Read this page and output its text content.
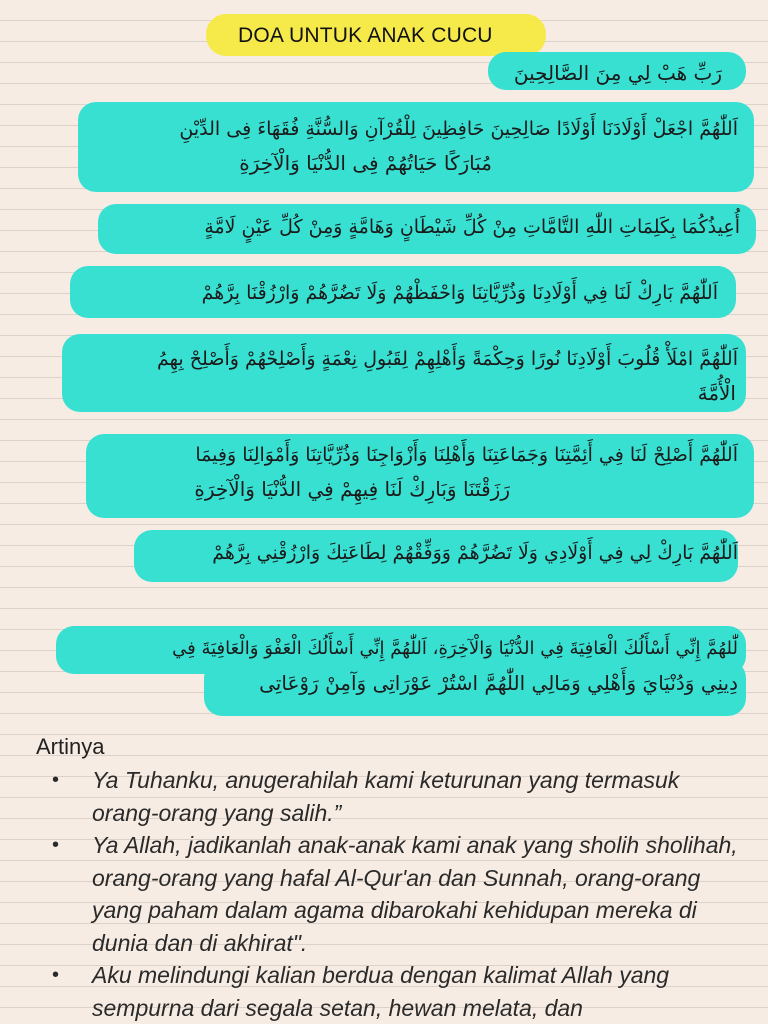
DOA UNTUK ANAK CUCU
رَبِّ هَبْ لِي مِنَ الصَّالِحِينَ
اَللّٰهُمَّ اجْعَلْ أَوْلَادَنَا أَوْلَادًا صَالِحِينَ حَافِظِينَ لِلْقُرْآنِ وَالسُّنَّةِ فُقَهَاءَ فِى الدِّيْنِ
مُبَارَكًا حَيَاتُهُمْ فِى الدُّنْيَا وَالْآخِرَةِ
أُعِيذُكُمَا بِكَلِمَاتِ اللّٰهِ التَّامَّاتِ مِنْ كُلِّ شَيْطَانٍ وَهَامَّةٍ وَمِنْ كُلِّ عَيْنٍ لَامَّةٍ
اَللّٰهُمَّ بَارِكْ لَنَا فِي أَوْلَادِنَا وَذُرِّيَّاتِنَا وَاحْفَظْهُمْ وَلَا تَضُرَّهُمْ وَارْزُقْنَا بِرَّهُمْ
اَللّٰهُمَّ امْلَأْ قُلُوبَ أَوْلَادِنَا نُورًا وَحِكْمَةً وَأَهْلِهِمْ لِقَبُولِ نِعْمَةٍ وَأَصْلِحْهُمْ وَأَصْلِحْ بِهِمُ
الْأُمَّةَ
اَللّٰهُمَّ أَصْلِحْ لَنَا فِي أَئِمَّتِنَا وَجَمَاعَتِنَا وَأَهْلِنَا وَأَزْوَاجِنَا وَذُرِّيَّاتِنَا وَأَمْوَالِنَا وَفِيمَا
رَزَقْتَنَا وَبَارِكْ لَنَا فِيهِمْ فِي الدُّنْيَا وَالْآخِرَةِ
اَللّٰهُمَّ بَارِكْ لِي فِي أَوْلَادِي وَلَا تَضُرَّهُمْ وَوَفِّقْهُمْ لِطَاعَتِكَ وَارْزُقْنِي بِرَّهُمْ
لّٰلهُمَّ إِنِّي أَسْأَلُكَ الْعَافِيَةَ فِي الدُّنْيَا وَالْآخِرَةِ، اَللّٰهُمَّ إِنِّي أَسْأَلُكَ الْعَفْوَ وَالْعَافِيَةَ فِي
دِينِي وَدُنْيَايَ وَأَهْلِي وَمَالِي اللّٰهُمَّ اسْتُرْ عَوْرَاتِى وَآمِنْ رَوْعَاتِى
Artinya
• Ya Tuhanku, anugerahilah kami keturunan yang termasuk orang-orang yang salih.”
• Ya Allah, jadikanlah anak-anak kami anak yang sholih sholihah, orang-orang yang hafal Al-Qur'an dan Sunnah, orang-orang yang paham dalam agama dibarokahi kehidupan mereka di dunia dan di akhirat".
• Aku melindungi kalian berdua dengan kalimat Allah yang sempurna dari segala setan, hewan melata, dan
